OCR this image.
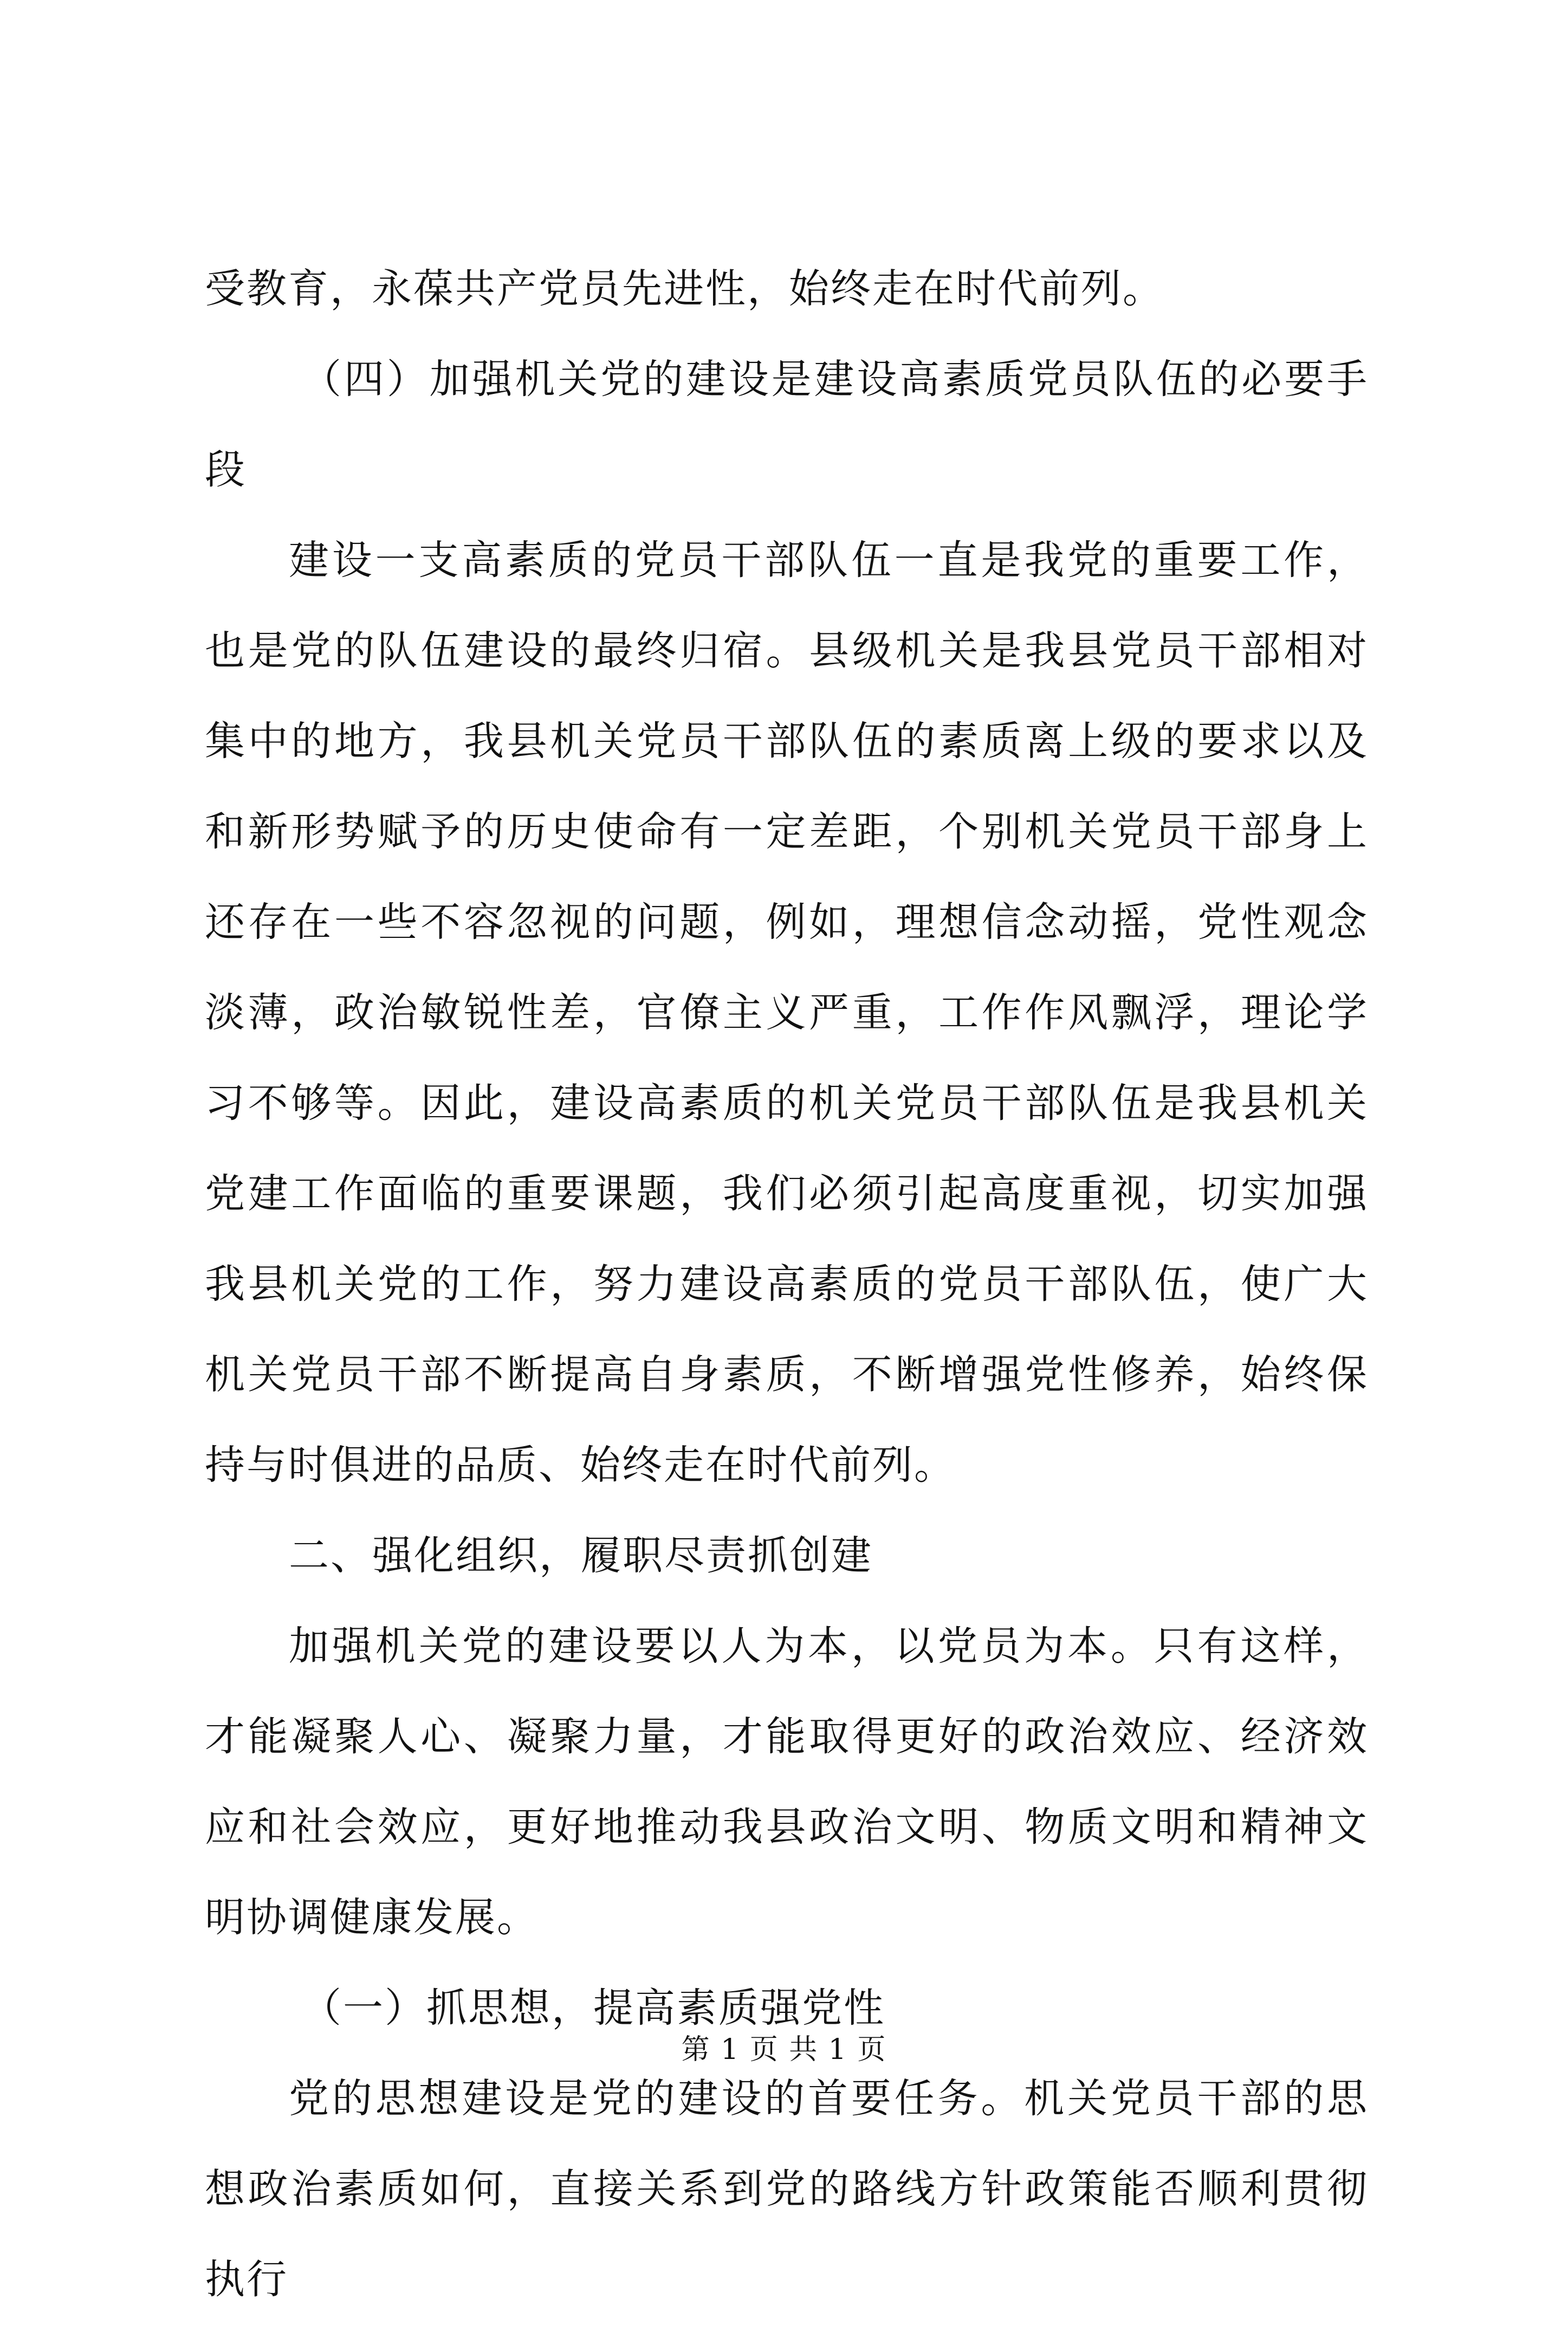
受教育，永葆共产党员先进性，始终走在时代前列。

（四）加强机关党的建设是建设高素质党员队伍的必要手段

建设一支高素质的党员干部队伍一直是我党的重要工作，也是党的队伍建设的最终归宿。县级机关是我县党员干部相对集中的地方，我县机关党员干部队伍的素质离上级的要求以及和新形势赋予的历史使命有一定差距，个别机关党员干部身上还存在一些不容忽视的问题，例如，理想信念动摇，党性观念淡薄，政治敏锐性差，官僚主义严重，工作作风飘浮，理论学习不够等。因此，建设高素质的机关党员干部队伍是我县机关党建工作面临的重要课题，我们必须引起高度重视，切实加强我县机关党的工作，努力建设高素质的党员干部队伍，使广大机关党员干部不断提高自身素质，不断增强党性修养，始终保持与时俱进的品质、始终走在时代前列。

二、强化组织，履职尽责抓创建

加强机关党的建设要以人为本，以党员为本。只有这样，才能凝聚人心、凝聚力量，才能取得更好的政治效应、经济效应和社会效应，更好地推动我县政治文明、物质文明和精神文明协调健康发展。

（一）抓思想，提高素质强党性

党的思想建设是党的建设的首要任务。机关党员干部的思想政治素质如何，直接关系到党的路线方针政策能否顺利贯彻执行

第 1 页 共 1 页
